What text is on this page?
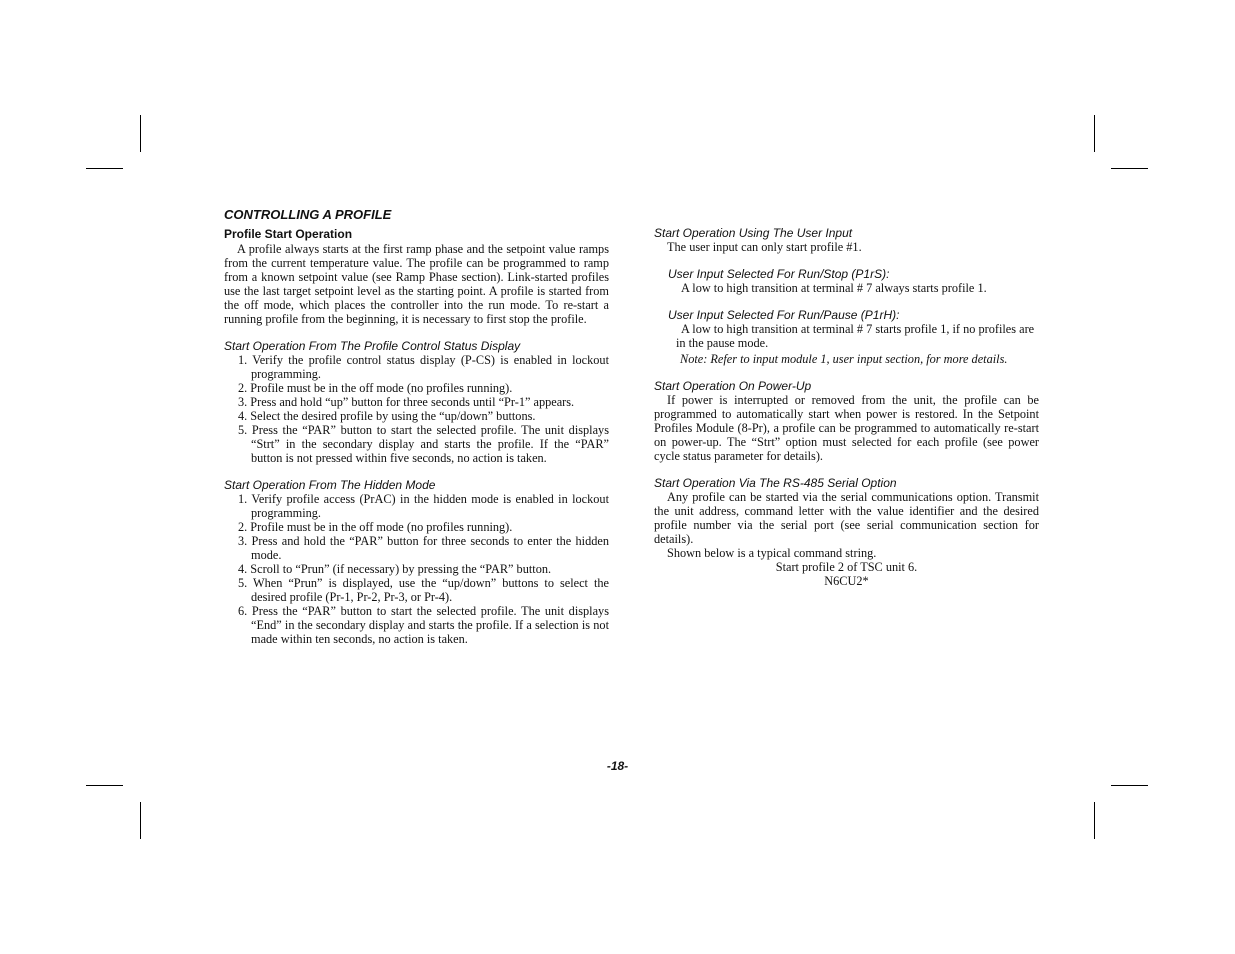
CONTROLLING A PROFILE
Profile Start Operation

A profile always starts at the first ramp phase and the setpoint value ramps from the current temperature value. The profile can be programmed to ramp from a known setpoint value (see Ramp Phase section). Link-started profiles use the last target setpoint level as the starting point. A profile is started from the off mode, which places the controller into the run mode. To re-start a running profile from the beginning, it is necessary to first stop the profile.

Start Operation From The Profile Control Status Display
1. Verify the profile control status display (P-CS) is enabled in lockout programming.
2. Profile must be in the off mode (no profiles running).
3. Press and hold “up” button for three seconds until “Pr-1” appears.
4. Select the desired profile by using the “up/down” buttons.
5. Press the “PAR” button to start the selected profile. The unit displays “Strt” in the secondary display and starts the profile. If the “PAR” button is not pressed within five seconds, no action is taken.
Start Operation From The Hidden Mode
1. Verify profile access (PrAC) in the hidden mode is enabled in lockout programming.
2. Profile must be in the off mode (no profiles running).
3. Press and hold the “PAR” button for three seconds to enter the hidden mode.
4. Scroll to “Prun” (if necessary) by pressing the “PAR” button.
5. When “Prun” is displayed, use the “up/down” buttons to select the desired profile (Pr-1, Pr-2, Pr-3, or Pr-4).
6. Press the “PAR” button to start the selected profile. The unit displays “End” in the secondary display and starts the profile. If a selection is not made within ten seconds, no action is taken.
Start Operation Using The User Input
The user input can only start profile #1.
User Input Selected For Run/Stop (P1rS):
A low to high transition at terminal # 7 always starts profile 1.
User Input Selected For Run/Pause (P1rH):
A low to high transition at terminal # 7 starts profile 1, if no profiles are in the pause mode.
Note: Refer to input module 1, user input section, for more details.
Start Operation On Power-Up

If power is interrupted or removed from the unit, the profile can be programmed to automatically start when power is restored. In the Setpoint Profiles Module (8-Pr), a profile can be programmed to automatically re-start on power-up. The “Strt” option must selected for each profile (see power cycle status parameter for details).

Start Operation Via The RS-485 Serial Option

Any profile can be started via the serial communications option. Transmit the unit address, command letter with the value identifier and the desired profile number via the serial port (see serial communication section for details).

Shown below is a typical command string.
Start profile 2 of TSC unit 6.
N6CU2*
-18-
